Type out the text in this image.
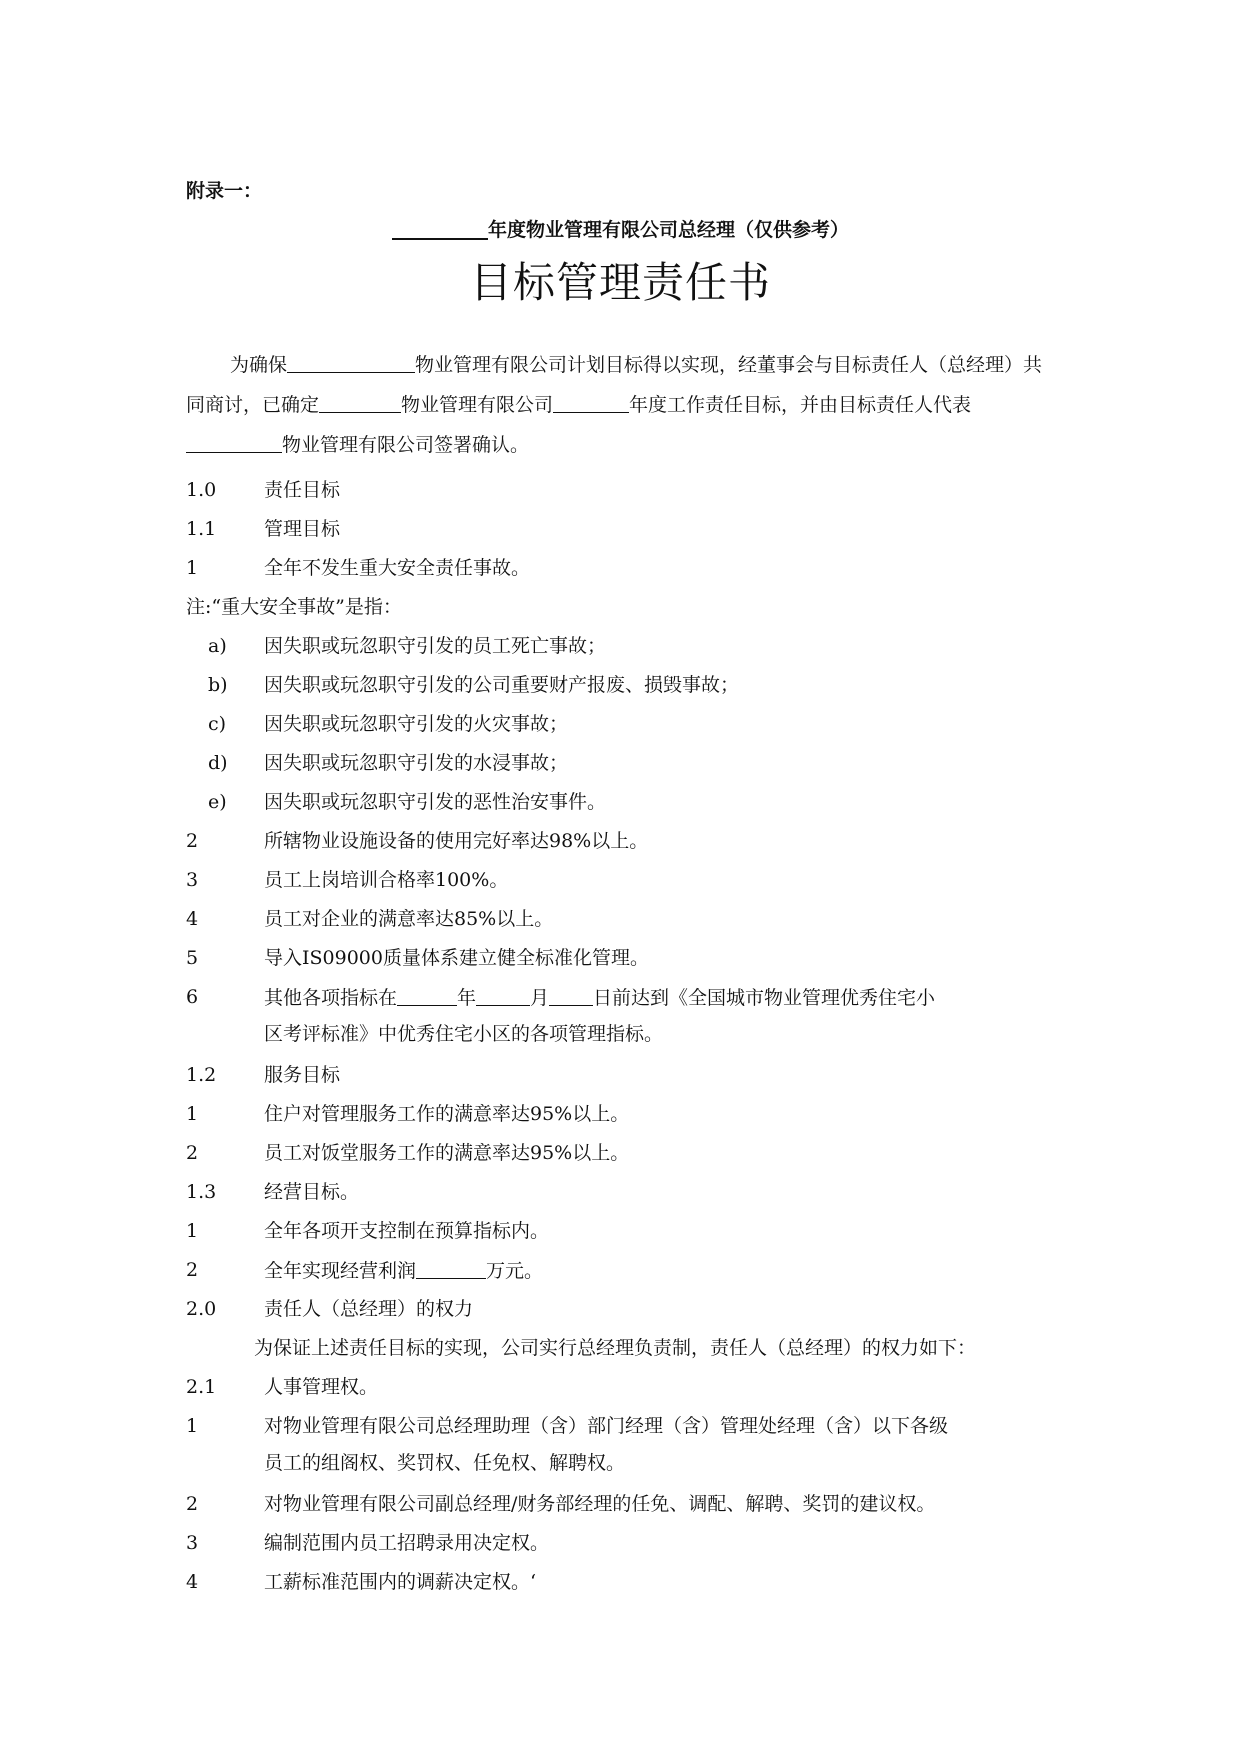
附录一：

年度物业管理有限公司总经理（仅供参考）

目标管理责任书

为确保	物业管理有限公司计划目标得以实现，经董事会与目标责任人（总经理）共同商讨，已确定	物业管理有限公司	年度工作责任目标，并由目标责任人代表物业管理有限公司签署确认。

1.0	责任目标
1.1	管理目标
1	全年不发生重大安全责任事故。
注:“重大安全事故”是指：
a) 因失职或玩忽职守引发的员工死亡事故；
b) 因失职或玩忽职守引发的公司重要财产报废、损毁事故；
c) 因失职或玩忽职守引发的火灾事故；
d) 因失职或玩忽职守引发的水浸事故；
e) 因失职或玩忽职守引发的恶性治安事件。
2	所辖物业设施设备的使用完好率达98%以上。
3	员工上岗培训合格率100%。
4	员工对企业的满意率达85%以上。
5	导入IS09000质量体系建立健全标准化管理。
6	其他各项指标在	年	月 日前达到《全国城市物业管理优秀住宅小
区考评标准》中优秀住宅小区的各项管理指标。
1.2	服务目标
1	住户对管理服务工作的满意率达95%以上。
2	员工对饭堂服务工作的满意率达95%以上。
1.3	经营目标。
1	全年各项开支控制在预算指标内。
2	全年实现经营利润	万元。
2.0	责任人（总经理）的权力
为保证上述责任目标的实现，公司实行总经理负责制，责任人（总经理）的权力如下：
2.1	人事管理权。
1	对物业管理有限公司总经理助理（含）部门经理（含）管理处经理（含）以下各级
员工的组阁权、奖罚权、任免权、解聘权。
2	对物业管理有限公司副总经理/财务部经理的任免、调配、解聘、奖罚的建议权。
3	编制范围内员工招聘录用决定权。
4	工薪标准范围内的调薪决定权。‘
